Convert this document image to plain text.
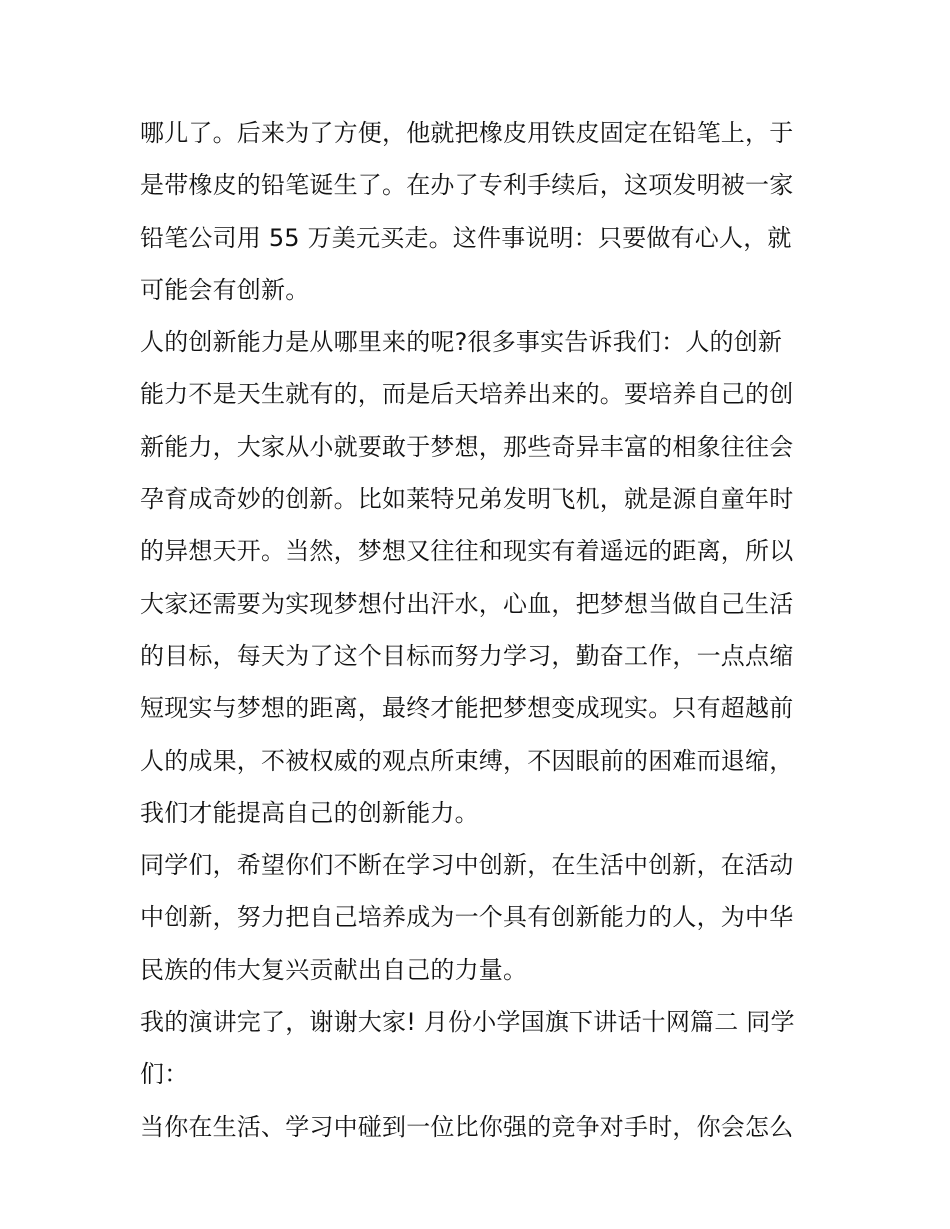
哪儿了。后来为了方便，他就把橡皮用铁皮固定在铅笔上，于
是带橡皮的铅笔诞生了。在办了专利手续后，这项发明被一家
铅笔公司用 55 万美元买走。这件事说明：只要做有心人，就
可能会有创新。
人的创新能力是从哪里来的呢?很多事实告诉我们：人的创新
能力不是天生就有的，而是后天培养出来的。要培养自己的创
新能力，大家从小就要敢于梦想，那些奇异丰富的相象往往会
孕育成奇妙的创新。比如莱特兄弟发明飞机，就是源自童年时
的异想天开。当然，梦想又往往和现实有着遥远的距离，所以
大家还需要为实现梦想付出汗水，心血，把梦想当做自己生活
的目标，每天为了这个目标而努力学习，勤奋工作，一点点缩
短现实与梦想的距离，最终才能把梦想变成现实。只有超越前
人的成果，不被权威的观点所束缚，不因眼前的困难而退缩，
我们才能提高自己的创新能力。
同学们，希望你们不断在学习中创新，在生活中创新，在活动
中创新，努力把自己培养成为一个具有创新能力的人，为中华
民族的伟大复兴贡献出自己的力量。
我的演讲完了，谢谢大家! 月份小学国旗下讲话十网篇二 同学
们：
当你在生活、学习中碰到一位比你强的竞争对手时，你会怎么
